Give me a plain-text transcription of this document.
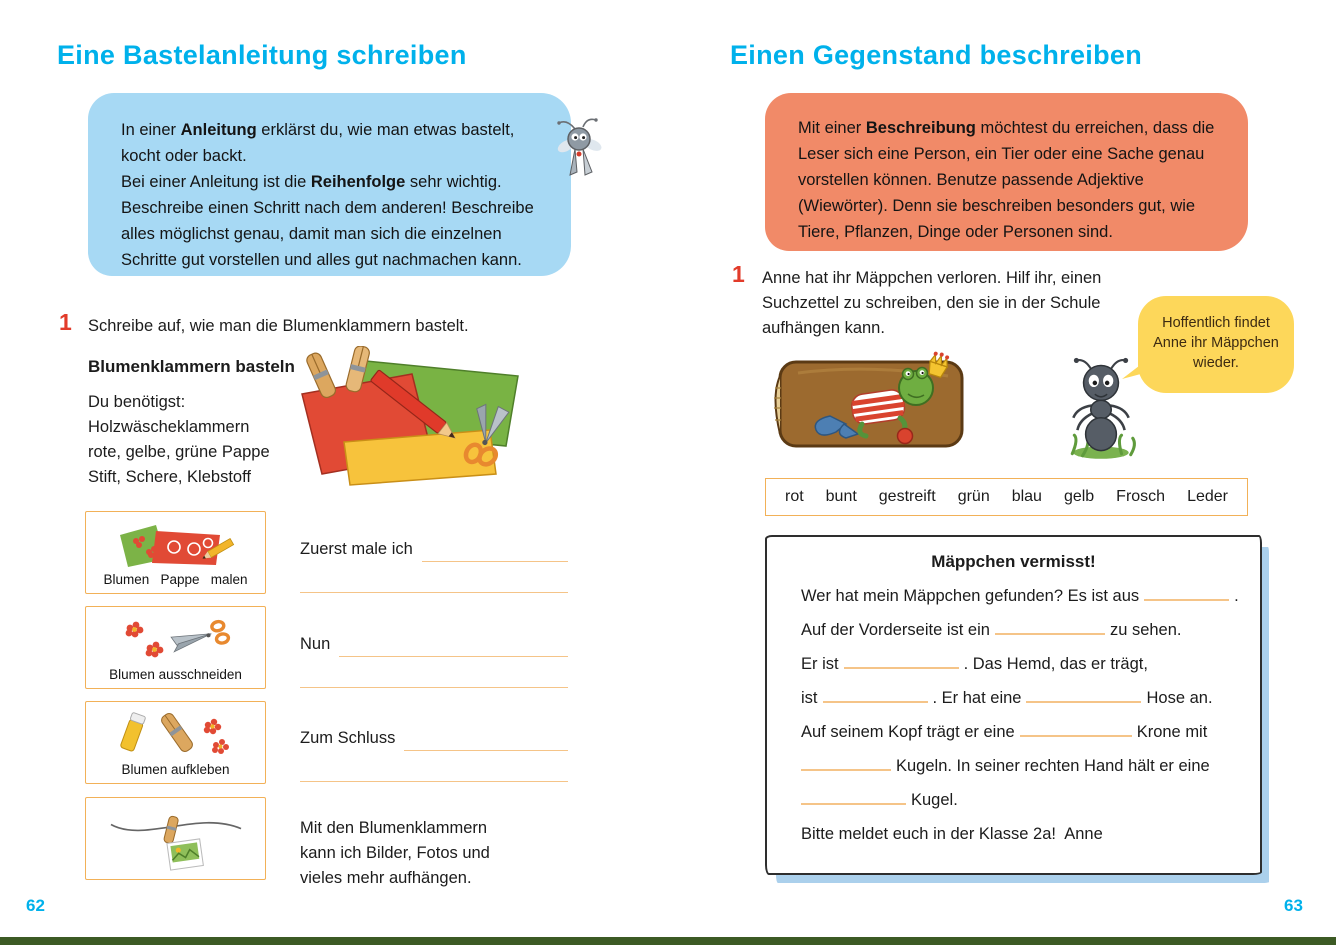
Eine Bastelanleitung schreiben

In einer Anleitung erklärst du, wie man etwas bastelt, kocht oder backt.

Bei einer Anleitung ist die Reihenfolge sehr wichtig. Beschreibe einen Schritt nach dem anderen! Beschreibe alles möglichst genau, damit man sich die einzelnen Schritte gut vorstellen und alles gut nachmachen kann.

1 Schreibe auf, wie man die Blumenklammern bastelt.
Blumenklammern basteln
Du benötigst:
Holzwäscheklammern
rote, gelbe, grüne Pappe
Stift, Schere, Klebstoff
Blumen   Pappe   malen
Blumen ausschneiden
Blumen aufkleben
Zuerst male ich
Nun
Zum Schluss
Mit den Blumenklammern kann ich Bilder, Fotos und vieles mehr aufhängen.
62
Einen Gegenstand beschreiben

Mit einer Beschreibung möchtest du erreichen, dass die Leser sich eine Person, ein Tier oder eine Sache genau vorstellen können. Benutze passende Adjektive (Wiewörter). Denn sie beschreiben besonders gut, wie Tiere, Pflanzen, Dinge oder Personen sind.

1 Anne hat ihr Mäppchen verloren. Hilf ihr, einen Suchzettel zu schreiben, den sie in der Schule aufhängen kann.	Hoffentlich findet Anne ihr Mäppchen wieder.
rot bunt gestreift grün blau gelb Frosch Leder
Mäppchen vermisst!
Wer hat mein Mäppchen gefunden? Es ist aus	.
Auf der Vorderseite ist ein	zu sehen.
Er ist	. Das Hemd, das er trägt,
ist	. Er hat eine	Hose an.
Auf seinem Kopf trägt er eine	Krone mit
Kugeln. In seiner rechten Hand hält er eine
Kugel.
Bitte meldet euch in der Klasse 2a!  Anne
63
